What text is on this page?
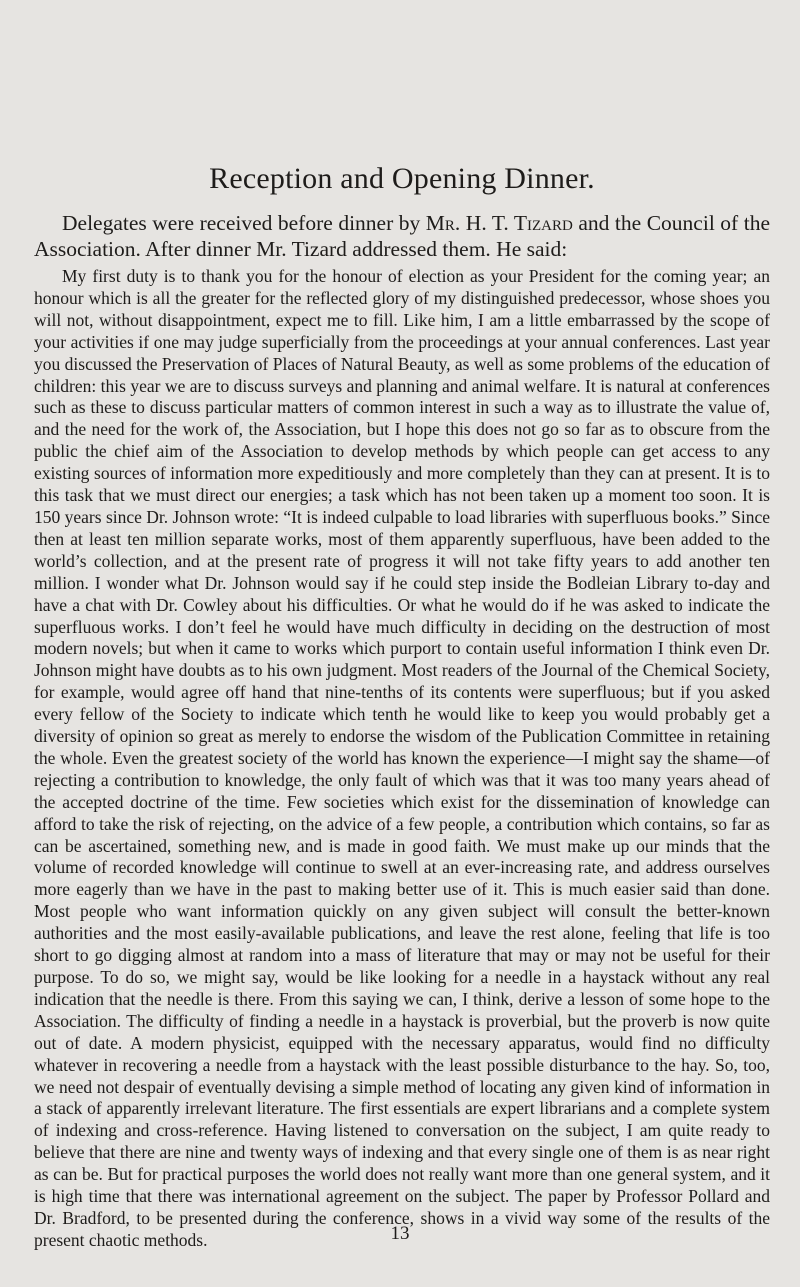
Reception and Opening Dinner.

Delegates were received before dinner by Mr. H. T. Tizard and the Council of the Association. After dinner Mr. Tizard addressed them. He said:

My first duty is to thank you for the honour of election as your President for the coming year; an honour which is all the greater for the reflected glory of my distinguished predecessor, whose shoes you will not, without disappointment, expect me to fill. Like him, I am a little embarrassed by the scope of your activities if one may judge superficially from the proceedings at your annual conferences. Last year you discussed the Preservation of Places of Natural Beauty, as well as some problems of the education of children: this year we are to discuss surveys and planning and animal welfare. It is natural at conferences such as these to discuss particular matters of common interest in such a way as to illustrate the value of, and the need for the work of, the Association, but I hope this does not go so far as to obscure from the public the chief aim of the Association to develop methods by which people can get access to any existing sources of information more expeditiously and more completely than they can at present. It is to this task that we must direct our energies; a task which has not been taken up a moment too soon. It is 150 years since Dr. Johnson wrote: “It is indeed culpable to load libraries with superfluous books.” Since then at least ten million separate works, most of them apparently superfluous, have been added to the world’s collection, and at the present rate of progress it will not take fifty years to add another ten million. I wonder what Dr. Johnson would say if he could step inside the Bodleian Library to-day and have a chat with Dr. Cowley about his difficulties. Or what he would do if he was asked to indicate the superfluous works. I don’t feel he would have much difficulty in deciding on the destruction of most modern novels; but when it came to works which purport to contain useful information I think even Dr. Johnson might have doubts as to his own judgment. Most readers of the Journal of the Chemical Society, for example, would agree off hand that nine-tenths of its contents were superfluous; but if you asked every fellow of the Society to indicate which tenth he would like to keep you would probably get a diversity of opinion so great as merely to endorse the wisdom of the Publication Committee in retaining the whole. Even the greatest society of the world has known the experience—I might say the shame—of rejecting a contribution to knowledge, the only fault of which was that it was too many years ahead of the accepted doctrine of the time. Few societies which exist for the dissemination of knowledge can afford to take the risk of rejecting, on the advice of a few people, a contribution which contains, so far as can be ascertained, something new, and is made in good faith. We must make up our minds that the volume of recorded knowledge will continue to swell at an ever-increasing rate, and address ourselves more eagerly than we have in the past to making better use of it. This is much easier said than done. Most people who want information quickly on any given subject will consult the better-known authorities and the most easily-available publications, and leave the rest alone, feeling that life is too short to go digging almost at random into a mass of literature that may or may not be useful for their purpose. To do so, we might say, would be like looking for a needle in a haystack without any real indication that the needle is there. From this saying we can, I think, derive a lesson of some hope to the Association. The difficulty of finding a needle in a haystack is proverbial, but the proverb is now quite out of date. A modern physicist, equipped with the necessary apparatus, would find no difficulty whatever in recovering a needle from a haystack with the least possible disturbance to the hay. So, too, we need not despair of eventually devising a simple method of locating any given kind of information in a stack of apparently irrelevant literature. The first essentials are expert librarians and a complete system of indexing and cross-reference. Having listened to conversation on the subject, I am quite ready to believe that there are nine and twenty ways of indexing and that every single one of them is as near right as can be. But for practical purposes the world does not really want more than one general system, and it is high time that there was international agreement on the subject. The paper by Professor Pollard and Dr. Bradford, to be presented during the conference, shows in a vivid way some of the results of the present chaotic methods.	13
